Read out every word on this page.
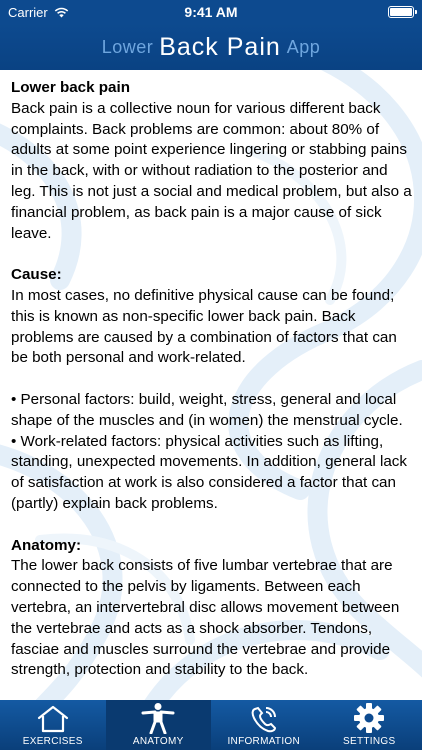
Carrier	9:41 AM
Lower Back Pain App
Lower back pain

Back pain is a collective noun for various different back complaints. Back problems are common: about 80% of adults at some point experience lingering or stabbing pains in the back, with or without radiation to the posterior and leg. This is not just a social and medical problem, but also a financial problem, as back pain is a major cause of sick leave.

Cause:

In most cases, no definitive physical cause can be found; this is known as non-specific lower back pain. Back problems are caused by a combination of factors that can be both personal and work-related.

• Personal factors: build, weight, stress, general and local shape of the muscles and (in women) the menstrual cycle.

• Work-related factors: physical activities such as lifting, standing, unexpected movements. In addition, general lack of satisfaction at work is also considered a factor that can (partly) explain back problems.

Anatomy:

The lower back consists of five lumbar vertebrae that are connected to the pelvis by ligaments. Between each vertebra, an intervertebral disc allows movement between the vertebrae and acts as a shock absorber. Tendons, fasciae and muscles surround the vertebrae and provide strength, protection and stability to the back.

EXERCISES	ANATOMY	INFORMATION	SETTINGS
